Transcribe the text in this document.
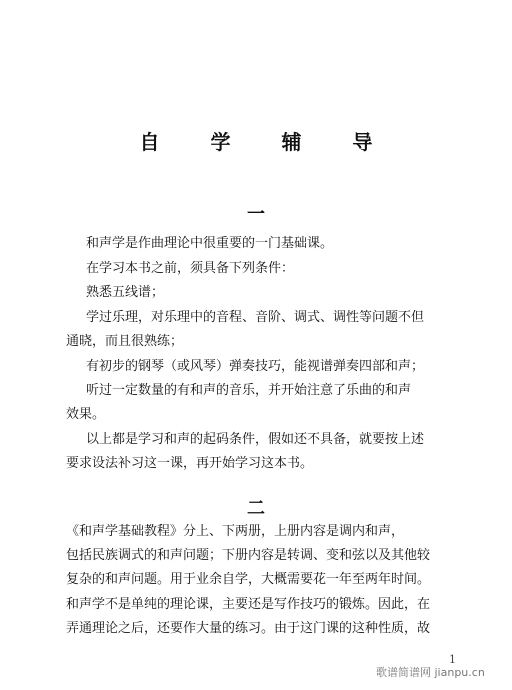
自 学 辅 导
一
和声学是作曲理论中很重要的一门基础课。
在学习本书之前，须具备下列条件：
熟悉五线谱；
学过乐理，对乐理中的音程、音阶、调式、调性等问题不但
通晓，而且很熟练；
有初步的钢琴（或风琴）弹奏技巧，能视谱弹奏四部和声；
听过一定数量的有和声的音乐，并开始注意了乐曲的和声
效果。
以上都是学习和声的起码条件，假如还不具备，就要按上述
要求设法补习这一课，再开始学习这本书。
二
《和声学基础教程》分上、下两册，上册内容是调内和声，
包括民族调式的和声问题；下册内容是转调、变和弦以及其他较
复杂的和声问题。用于业余自学，大概需要花一年至两年时间。
和声学不是单纯的理论课，主要还是写作技巧的锻炼。因此，在
弄通理论之后，还要作大量的练习。由于这门课的这种性质，故
1
歌谱简谱网 jianpu.cn
